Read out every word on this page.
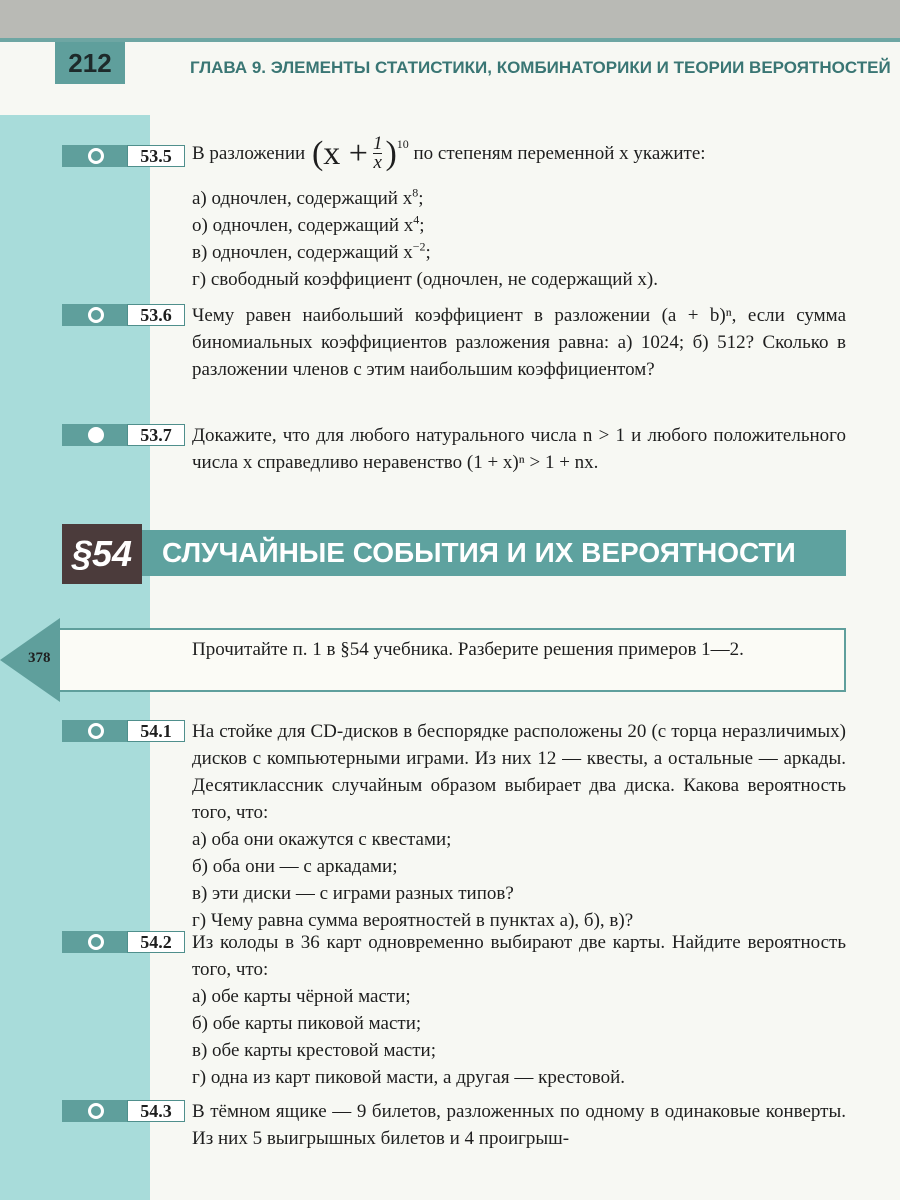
212	ГЛАВА 9. ЭЛЕМЕНТЫ СТАТИСТИКИ, КОМБИНАТОРИКИ И ТЕОРИИ ВЕРОЯТНОСТЕЙ
53.5	В разложении
($x + \frac{1}{x}$ ) 10 по степеням переменной x укажите:
а) одночлен, содержащий $x^8$;
о) одночлен, содержащий $x^4$;
в) одночлен, содержащий $x^{-2}$;
г) свободный коэффициент (одночлен, не содержащий x).
53.6	Чему равен наибольший коэффициент в разложении (a + b)ⁿ, если сумма биномиальных коэффициентов разложения равна: а) 1024; б) 512? Сколько в разложении членов с этим наибольшим коэффициентом?
53.7	Докажите, что для любого натурального числа n > 1 и любого положительного числа x справедливо неравенство (1 + x)ⁿ > 1 + nx.
§54	СЛУЧАЙНЫЕ СОБЫТИЯ И ИХ ВЕРОЯТНОСТИ
378	Прочитайте п. 1 в §54 учебника. Разберите решения примеров 1—2.
54.1	На стойке для CD-дисков в беспорядке расположены 20 (с торца неразличимых) дисков с компьютерными играми. Из них 12 — квесты, а остальные — аркады. Десятиклассник случайным образом выбирает два диска. Какова вероятность того, что:
а) оба они окажутся с квестами;
б) оба они — с аркадами;
в) эти диски — с играми разных типов?
г) Чему равна сумма вероятностей в пунктах а), б), в)?
54.2	Из колоды в 36 карт одновременно выбирают две карты. Найдите вероятность того, что:
а) обе карты чёрной масти;
б) обе карты пиковой масти;
в) обе карты крестовой масти;
г) одна из карт пиковой масти, а другая — крестовой.
54.3	В тёмном ящике — 9 билетов, разложенных по одному в одинаковые конверты. Из них 5 выигрышных билетов и 4 проигрыш-
